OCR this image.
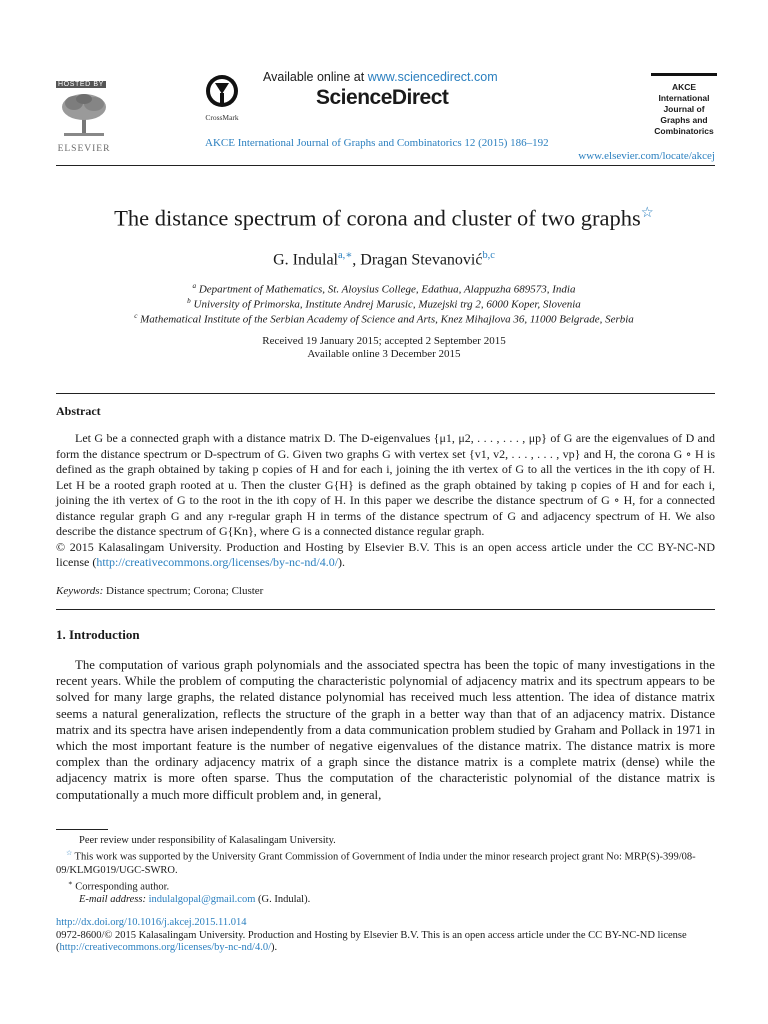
HOSTED BY
ELSEVIER
CrossMark
Available online at www.sciencedirect.com
ScienceDirect	AKCE
International
Journal of
Graphs and
Combinatorics
AKCE International Journal of Graphs and Combinatorics 12 (2015) 186–192
www.elsevier.com/locate/akcej
The distance spectrum of corona and cluster of two graphs☆
G. Indulal$^{a,∗}$, Dragan Stevanović$^{b,c}$
$^a$ Department of Mathematics, St. Aloysius College, Edathua, Alappuzha 689573, India
$^b$ University of Primorska, Institute Andrej Marusic, Muzejski trg 2, 6000 Koper, Slovenia
$^c$ Mathematical Institute of the Serbian Academy of Science and Arts, Knez Mihajlova 36, 11000 Belgrade, Serbia
Received 19 January 2015; accepted 2 September 2015
Available online 3 December 2015
Abstract

Let G be a connected graph with a distance matrix D. The D-eigenvalues {μ1, μ2, . . . , . . . , μp} of G are the eigenvalues of D and form the distance spectrum or D-spectrum of G. Given two graphs G with vertex set {v1, v2, . . . , . . . , vp} and H, the corona G ∘ H is defined as the graph obtained by taking p copies of H and for each i, joining the ith vertex of G to all the vertices in the ith copy of H. Let H be a rooted graph rooted at u. Then the cluster G{H} is defined as the graph obtained by taking p copies of H and for each i, joining the ith vertex of G to the root in the ith copy of H. In this paper we describe the distance spectrum of G ∘ H, for a connected distance regular graph G and any r-regular graph H in terms of the distance spectrum of G and adjacency spectrum of H. We also describe the distance spectrum of G{Kn}, where G is a connected distance regular graph.

© 2015 Kalasalingam University. Production and Hosting by Elsevier B.V. This is an open access article under the CC BY-NC-ND license (http://creativecommons.org/licenses/by-nc-nd/4.0/).

Keywords: Distance spectrum; Corona; Cluster
1. Introduction

The computation of various graph polynomials and the associated spectra has been the topic of many investigations in the recent years. While the problem of computing the characteristic polynomial of adjacency matrix and its spectrum appears to be solved for many large graphs, the related distance polynomial has received much less attention. The idea of distance matrix seems a natural generalization, reflects the structure of the graph in a better way than that of an adjacency matrix. Distance matrix and its spectra have arisen independently from a data communication problem studied by Graham and Pollack in 1971 in which the most important feature is the number of negative eigenvalues of the distance matrix. The distance matrix is more complex than the ordinary adjacency matrix of a graph since the distance matrix is a complete matrix (dense) while the adjacency matrix is more often sparse. Thus the computation of the characteristic polynomial of the distance matrix is computationally a much more difficult problem and, in general,

Peer review under responsibility of Kalasalingam University.
☆ This work was supported by the University Grant Commission of Government of India under the minor research project grant No: MRP(S)-399/08-09/KLMG019/UGC-SWRO.
∗ Corresponding author.
E-mail address: indulalgopal@gmail.com (G. Indulal).
http://dx.doi.org/10.1016/j.akcej.2015.11.014
0972-8600/© 2015 Kalasalingam University. Production and Hosting by Elsevier B.V. This is an open access article under the CC BY-NC-ND license (http://creativecommons.org/licenses/by-nc-nd/4.0/).
